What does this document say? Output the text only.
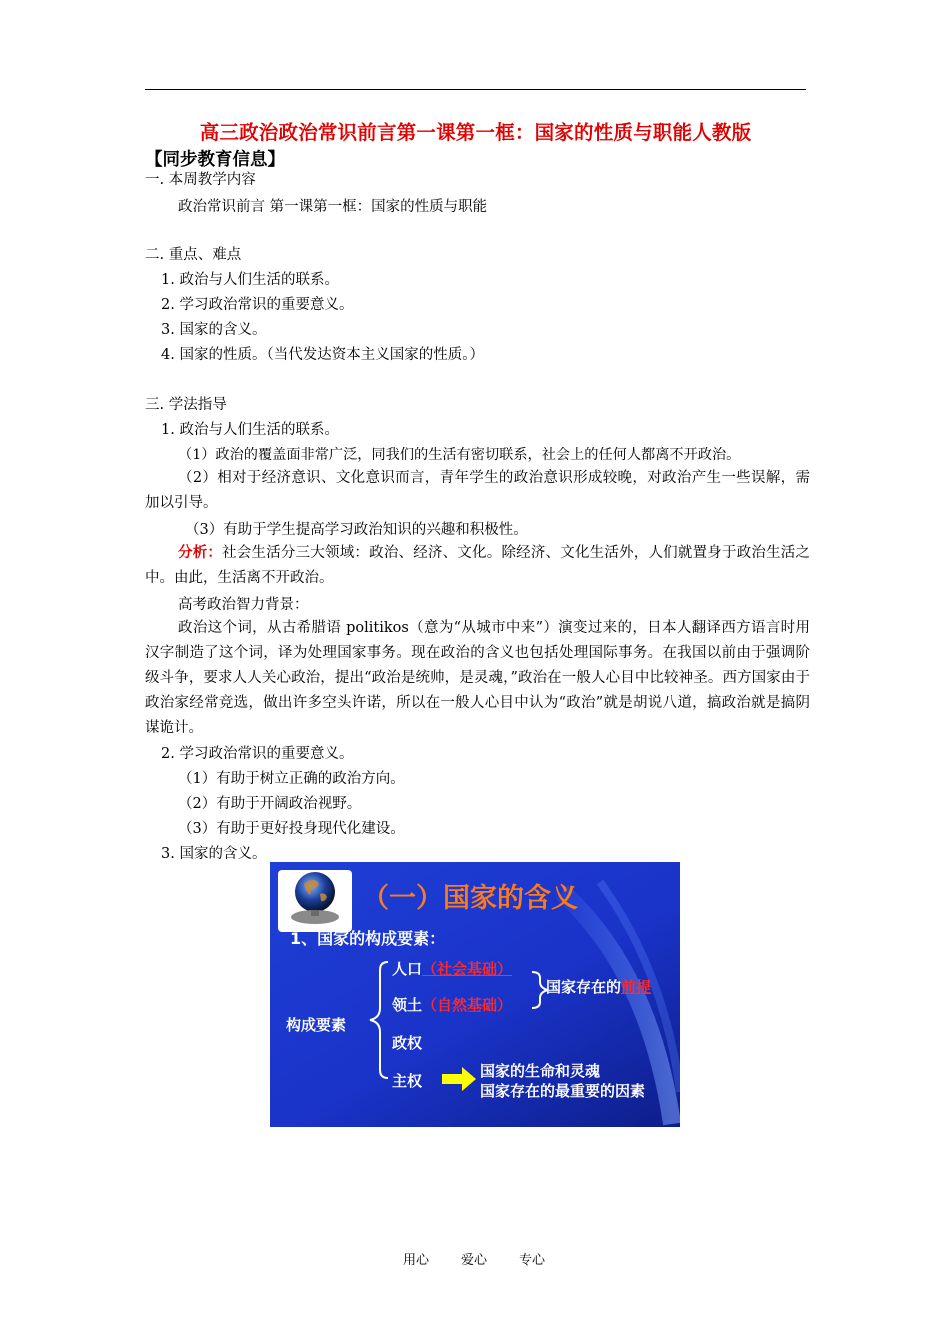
高三政治政治常识前言第一课第一框：国家的性质与职能人教版
【同步教育信息】
一. 本周教学内容
政治常识前言 第一课第一框：国家的性质与职能
二. 重点、难点
1. 政治与人们生活的联系。
2. 学习政治常识的重要意义。
3. 国家的含义。
4. 国家的性质。（当代发达资本主义国家的性质。）
三. 学法指导
1. 政治与人们生活的联系。
（1）政治的覆盖面非常广泛，同我们的生活有密切联系，社会上的任何人都离不开政治。
（2）相对于经济意识、文化意识而言，青年学生的政治意识形成较晚，对政治产生一些误解，需加以引导。
（3）有助于学生提高学习政治知识的兴趣和积极性。
分析：社会生活分三大领域：政治、经济、文化。除经济、文化生活外，人们就置身于政治生活之中。由此，生活离不开政治。
高考政治智力背景：
政治这个词，从古希腊语 politikos（意为“从城市中来”）演变过来的，日本人翻译西方语言时用汉字制造了这个词，译为处理国家事务。现在政治的含义也包括处理国际事务。在我国以前由于强调阶级斗争，要求人人关心政治，提出“政治是统帅，是灵魂，”政治在一般人心目中比较神圣。西方国家由于政治家经常竞选，做出许多空头许诺，所以在一般人心目中认为“政治”就是胡说八道，搞政治就是搞阴谋诡计。
2. 学习政治常识的重要意义。
（1）有助于树立正确的政治方向。
（2）有助于开阔政治视野。
（3）有助于更好投身现代化建设。
3. 国家的含义。
（一）国家的含义
1、国家的构成要素：
构成要素
人口（社会基础）
领土（自然基础）
国家存在的前提
政权
主权
国家的生命和灵魂
国家存在的最重要的因素
用心 爱心 专心
